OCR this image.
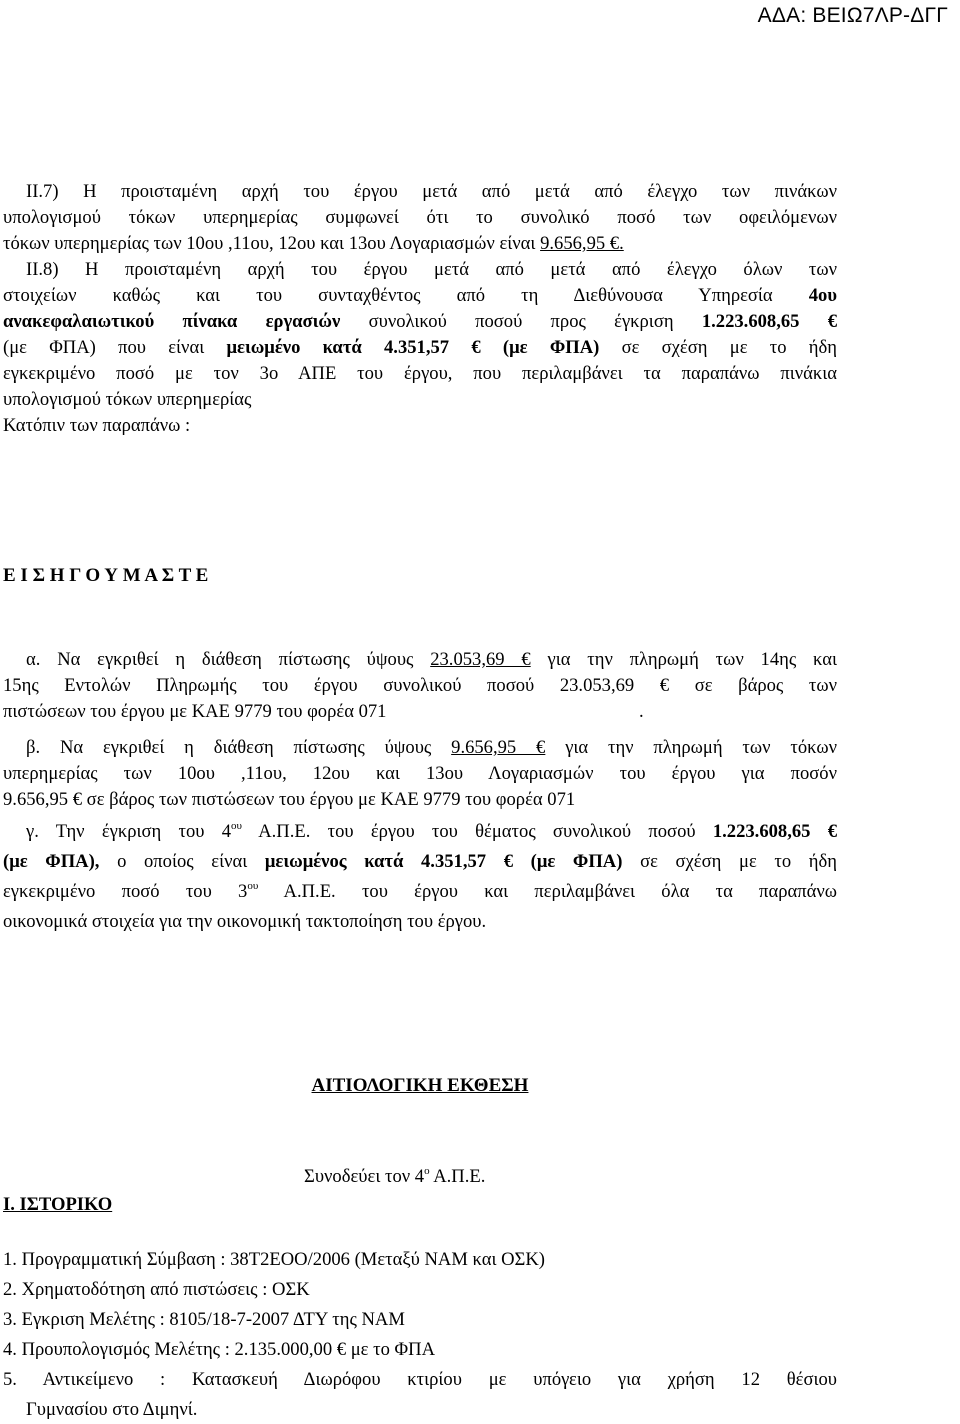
ΑΔΑ: ΒΕΙΩ7ΛΡ-ΔΓΓ
ΙΙ.7) Η προισταμένη αρχή του έργου μετά από μετά από έλεγχο των πινάκων
υπολογισμού τόκων υπερημερίας συμφωνεί ότι το συνολικό ποσό των οφειλόμενων
τόκων υπερημερίας των 10ου ,11ου, 12ου και 13ου Λογαριασμών είναι 9.656,95 €.
ΙΙ.8) Η προισταμένη αρχή του έργου μετά από μετά από έλεγχο όλων των
στοιχείων καθώς και του συνταχθέντος από τη Διεθύνουσα Υπηρεσία 4ου
ανακεφαλαιωτικού πίνακα εργασιών συνολικού ποσού προς έγκριση 1.223.608,65 €
(με ΦΠΑ) που είναι μειωμένο κατά 4.351,57 € (με ΦΠΑ) σε σχέση με το ήδη
εγκεκριμένο ποσό με τον 3ο ΑΠΕ του έργου, που περιλαμβάνει τα παραπάνω πινάκια
υπολογισμού τόκων υπερημερίας
Κατόπιν των παραπάνω :
Ε Ι Σ Η Γ Ο Υ Μ Α Σ Τ Ε
α. Να εγκριθεί η διάθεση πίστωσης ύψους 23.053,69 € για την πληρωμή των 14ης και
15ης Εντολών Πληρωμής του έργου συνολικού ποσού 23.053,69 € σε βάρος των
πιστώσεων του έργου με ΚΑΕ 9779 του φορέα 071	.
β. Να εγκριθεί η διάθεση πίστωσης ύψους 9.656,95 € για την πληρωμή των τόκων
υπερημερίας των 10ου ,11ου, 12ου και 13ου Λογαριασμών του έργου για ποσόν
9.656,95 € σε βάρος των πιστώσεων του έργου με ΚΑΕ 9779 του φορέα 071
γ. Την έγκριση του $4^{o\upsilon}$ Α.Π.Ε. του έργου του θέματος συνολικού ποσού 1.223.608,65 €
(με ΦΠΑ), ο οποίος είναι μειωμένος κατά 4.351,57 € (με ΦΠΑ) σε σχέση με το ήδη
εγκεκριμένο ποσό του $3^{o\upsilon}$ Α.Π.Ε. του έργου και περιλαμβάνει όλα τα παραπάνω
οικονομικά στοιχεία για την οικονομική τακτοποίηση του έργου.
ΑΙΤΙΟΛΟΓΙΚΗ ΕΚΘΕΣΗ
Συνοδεύει τον $4^o$ Α.Π.Ε.
Ι. ΙΣΤΟΡΙΚΟ
1. Προγραμματική Σύμβαση : 38Τ2ΕΟΟ/2006 (Μεταξύ ΝΑΜ και ΟΣΚ)
2. Χρηματοδότηση από πιστώσεις : ΟΣΚ
3. Εγκριση Μελέτης : 8105/18-7-2007 ΔΤΥ της ΝΑΜ
4. Προυπολογισμός Μελέτης : 2.135.000,00 € με το ΦΠΑ
5. Αντικείμενο : Κατασκευή Διωρόφου κτιρίου με υπόγειο για χρήση 12 θέσιου
Γυμνασίου στο Διμηνί.
